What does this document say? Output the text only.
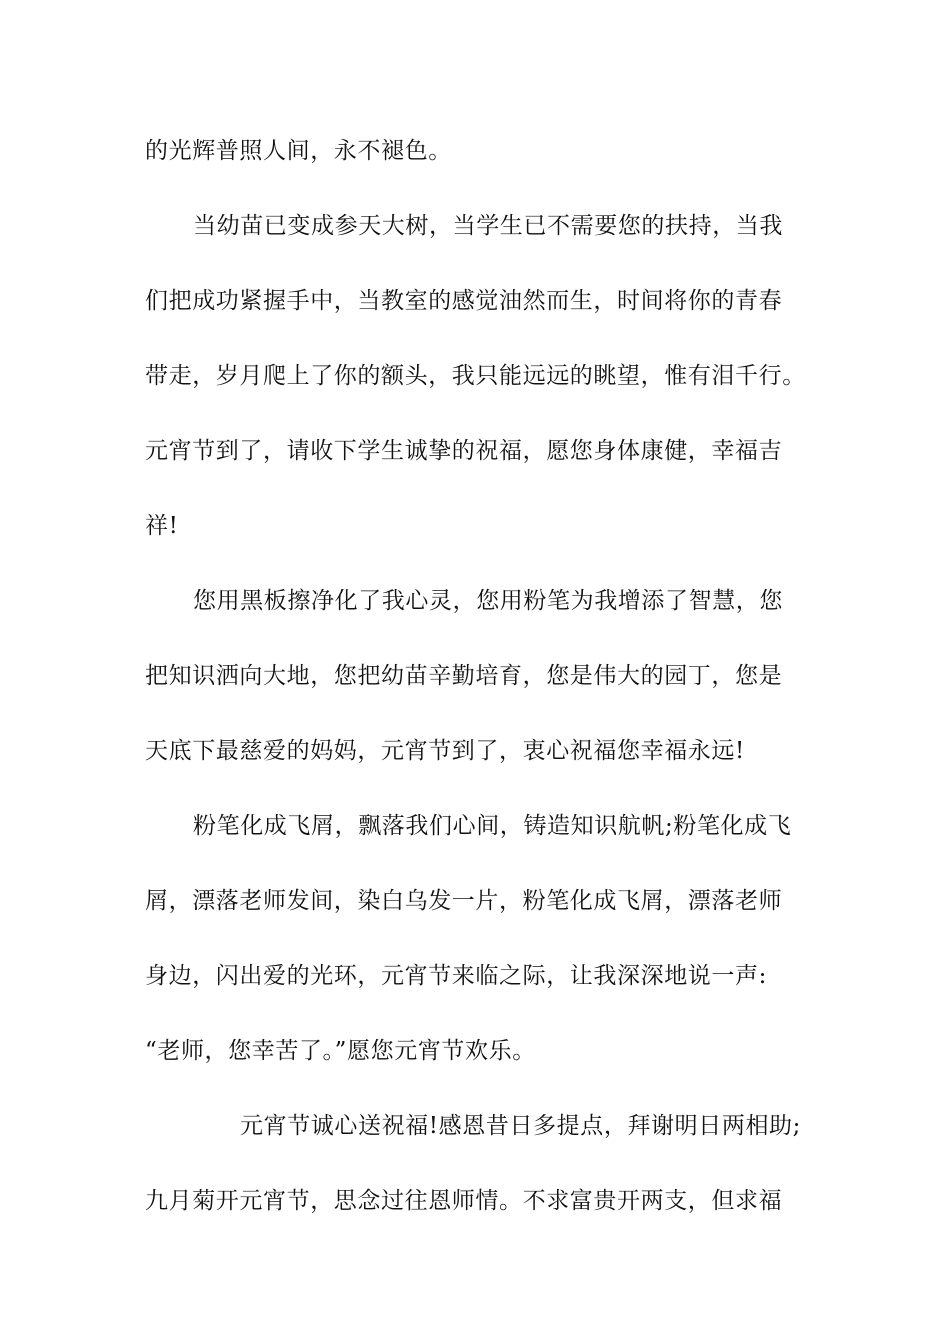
的光辉普照人间，永不褪色。
当幼苗已变成参天大树，当学生已不需要您的扶持，当我
们把成功紧握手中，当教室的感觉油然而生，时间将你的青春
带走，岁月爬上了你的额头，我只能远远的眺望，惟有泪千行。
元宵节到了，请收下学生诚挚的祝福，愿您身体康健，幸福吉
祥!
您用黑板擦净化了我心灵，您用粉笔为我增添了智慧，您
把知识洒向大地，您把幼苗辛勤培育，您是伟大的园丁，您是
天底下最慈爱的妈妈，元宵节到了，衷心祝福您幸福永远!
粉笔化成飞屑，飘落我们心间，铸造知识航帆;粉笔化成飞
屑，漂落老师发间，染白乌发一片，粉笔化成飞屑，漂落老师
身边，闪出爱的光环，元宵节来临之际，让我深深地说一声:
“老师，您幸苦了。”愿您元宵节欢乐。
元宵节诚心送祝福!感恩昔日多提点，拜谢明日两相助;
九月菊开元宵节，思念过往恩师情。不求富贵开两支，但求福
